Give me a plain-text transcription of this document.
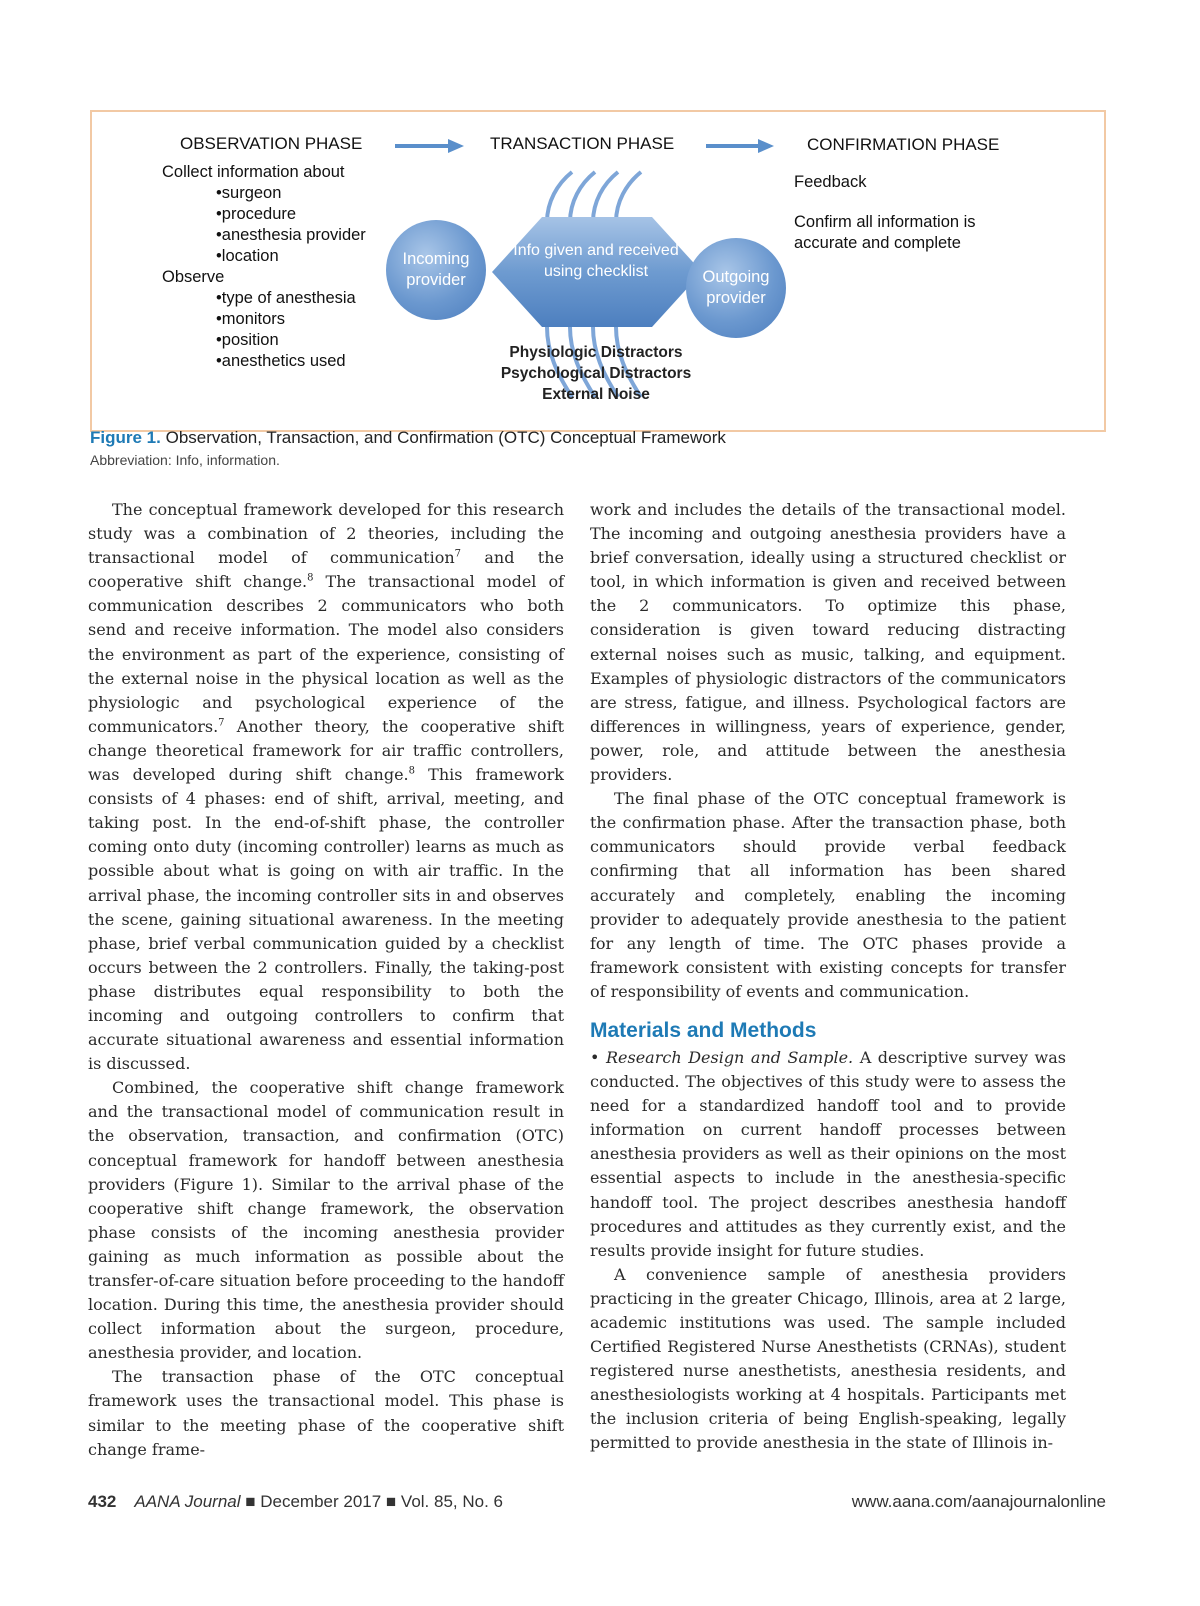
OBSERVATION PHASE	TRANSACTION PHASE	CONFIRMATION PHASE
Collect information about
• surgeon
• procedure
• anesthesia provider
• location
Observe
• type of anesthesia
• monitors
• position
• anesthetics used
Incoming provider
Info given and received using checklist	Outgoing provider
Physiologic Distractors
Psychological Distractors
External Noise
Feedback
Confirm all information is accurate and complete
Figure 1. Observation, Transaction, and Confirmation (OTC) Conceptual Framework
Abbreviation: Info, information.

The conceptual framework developed for this research study was a combination of 2 theories, including the transactional model of communication$^7$ and the cooperative shift change.$^8$ The transactional model of communication describes 2 communicators who both send and receive information. The model also considers the environment as part of the experience, consisting of the external noise in the physical location as well as the physiologic and psychological experience of the communicators.$^7$ Another theory, the cooperative shift change theoretical framework for air traffic controllers, was developed during shift change.$^8$ This framework consists of 4 phases: end of shift, arrival, meeting, and taking post. In the end-of-shift phase, the controller coming onto duty (incoming controller) learns as much as possible about what is going on with air traffic. In the arrival phase, the incoming controller sits in and observes the scene, gaining situational awareness. In the meeting phase, brief verbal communication guided by a checklist occurs between the 2 controllers. Finally, the taking-post phase distributes equal responsibility to both the incoming and outgoing controllers to confirm that accurate situational awareness and essential information is discussed.

Combined, the cooperative shift change framework and the transactional model of communication result in the observation, transaction, and confirmation (OTC) conceptual framework for handoff between anesthesia providers (Figure 1). Similar to the arrival phase of the cooperative shift change framework, the observation phase consists of the incoming anesthesia provider gaining as much information as possible about the transfer-of-care situation before proceeding to the handoff location. During this time, the anesthesia provider should collect information about the surgeon, procedure, anesthesia provider, and location.

The transaction phase of the OTC conceptual framework uses the transactional model. This phase is similar to the meeting phase of the cooperative shift change frame-

work and includes the details of the transactional model. The incoming and outgoing anesthesia providers have a brief conversation, ideally using a structured checklist or tool, in which information is given and received between the 2 communicators. To optimize this phase, consideration is given toward reducing distracting external noises such as music, talking, and equipment. Examples of physiologic distractors of the communicators are stress, fatigue, and illness. Psychological factors are differences in willingness, years of experience, gender, power, role, and attitude between the anesthesia providers.

The final phase of the OTC conceptual framework is the confirmation phase. After the transaction phase, both communicators should provide verbal feedback confirming that all information has been shared accurately and completely, enabling the incoming provider to adequately provide anesthesia to the patient for any length of time. The OTC phases provide a framework consistent with existing concepts for transfer of responsibility of events and communication.

Materials and Methods

• Research Design and Sample. A descriptive survey was conducted. The objectives of this study were to assess the need for a standardized handoff tool and to provide information on current handoff processes between anesthesia providers as well as their opinions on the most essential aspects to include in the anesthesia-specific handoff tool. The project describes anesthesia handoff procedures and attitudes as they currently exist, and the results provide insight for future studies.

A convenience sample of anesthesia providers practicing in the greater Chicago, Illinois, area at 2 large, academic institutions was used. The sample included Certified Registered Nurse Anesthetists (CRNAs), student registered nurse anesthetists, anesthesia residents, and anesthesiologists working at 4 hospitals. Participants met the inclusion criteria of being English-speaking, legally permitted to provide anesthesia in the state of Illinois in-

432 AANA Journal ■ December 2017 ■ Vol. 85, No. 6	www.aana.com/aanajournalonline
